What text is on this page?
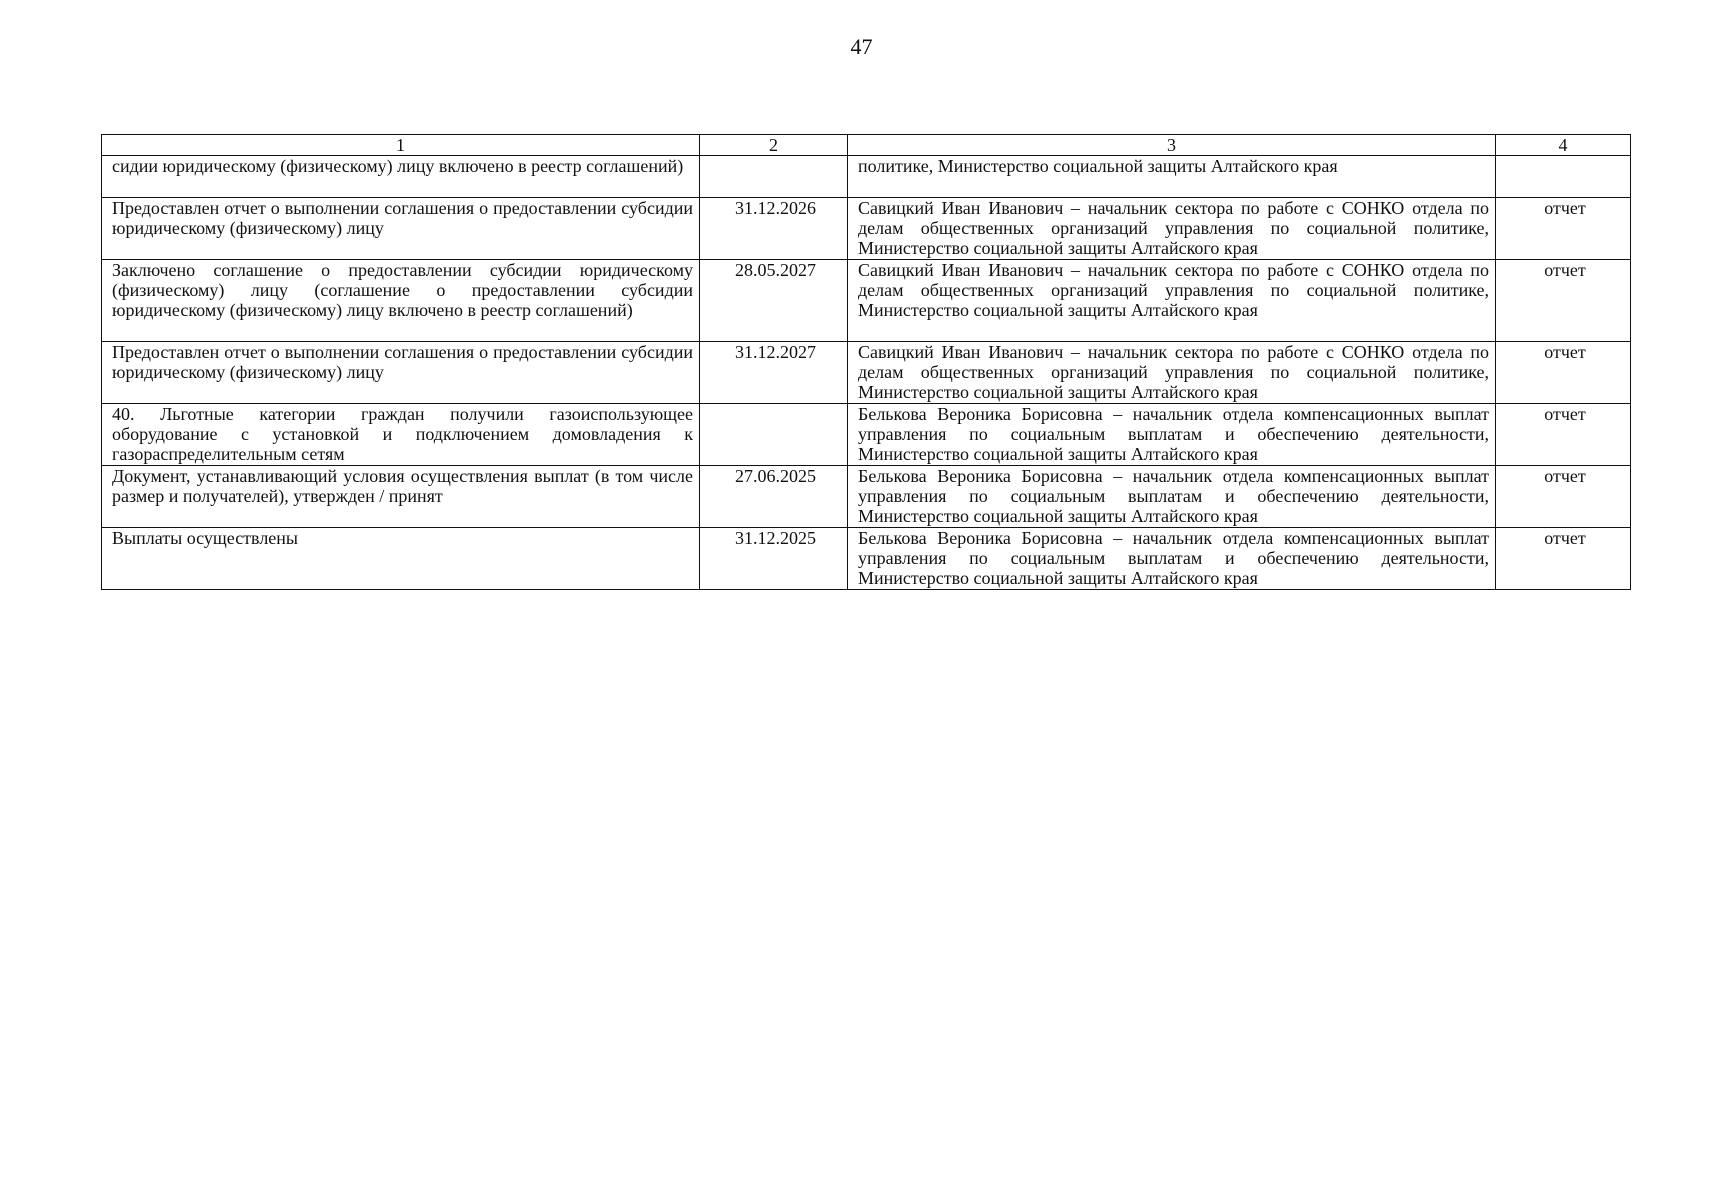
47
1	2	3	4
сидии юридическому (физическому) лицу включено в реестр соглашений)		политике, Министерство социальной защиты Алтайского края	
Предоставлен отчет о выполнении соглашения о предоставлении субсидии юридическому (физическому) лицу	31.12.2026	Савицкий Иван Иванович – начальник сектора по работе с СОНКО отдела по делам общественных организаций управления по социальной политике, Министерство социальной защиты Алтайского края	отчет
Заключено соглашение о предоставлении субсидии юридическому (физическому) лицу (соглашение о предоставлении субсидии юридическому (физическому) лицу включено в реестр соглашений)	28.05.2027	Савицкий Иван Иванович – начальник сектора по работе с СОНКО отдела по делам общественных организаций управления по социальной политике, Министерство социальной защиты Алтайского края	отчет
Предоставлен отчет о выполнении соглашения о предоставлении субсидии юридическому (физическому) лицу	31.12.2027	Савицкий Иван Иванович – начальник сектора по работе с СОНКО отдела по делам общественных организаций управления по социальной политике, Министерство социальной защиты Алтайского края	отчет
40. Льготные категории граждан получили газоиспользующее оборудование с установкой и подключением домовладения к газораспределительным сетям		Белькова Вероника Борисовна – начальник отдела компенсационных выплат управления по социальным выплатам и обеспечению деятельности, Министерство социальной защиты Алтайского края	отчет
Документ, устанавливающий условия осуществления выплат (в том числе размер и получателей), утвержден / принят	27.06.2025	Белькова Вероника Борисовна – начальник отдела компенсационных выплат управления по социальным выплатам и обеспечению деятельности, Министерство социальной защиты Алтайского края	отчет
Выплаты осуществлены	31.12.2025	Белькова Вероника Борисовна – начальник отдела компенсационных выплат управления по социальным выплатам и обеспечению деятельности, Министерство социальной защиты Алтайского края	отчет
